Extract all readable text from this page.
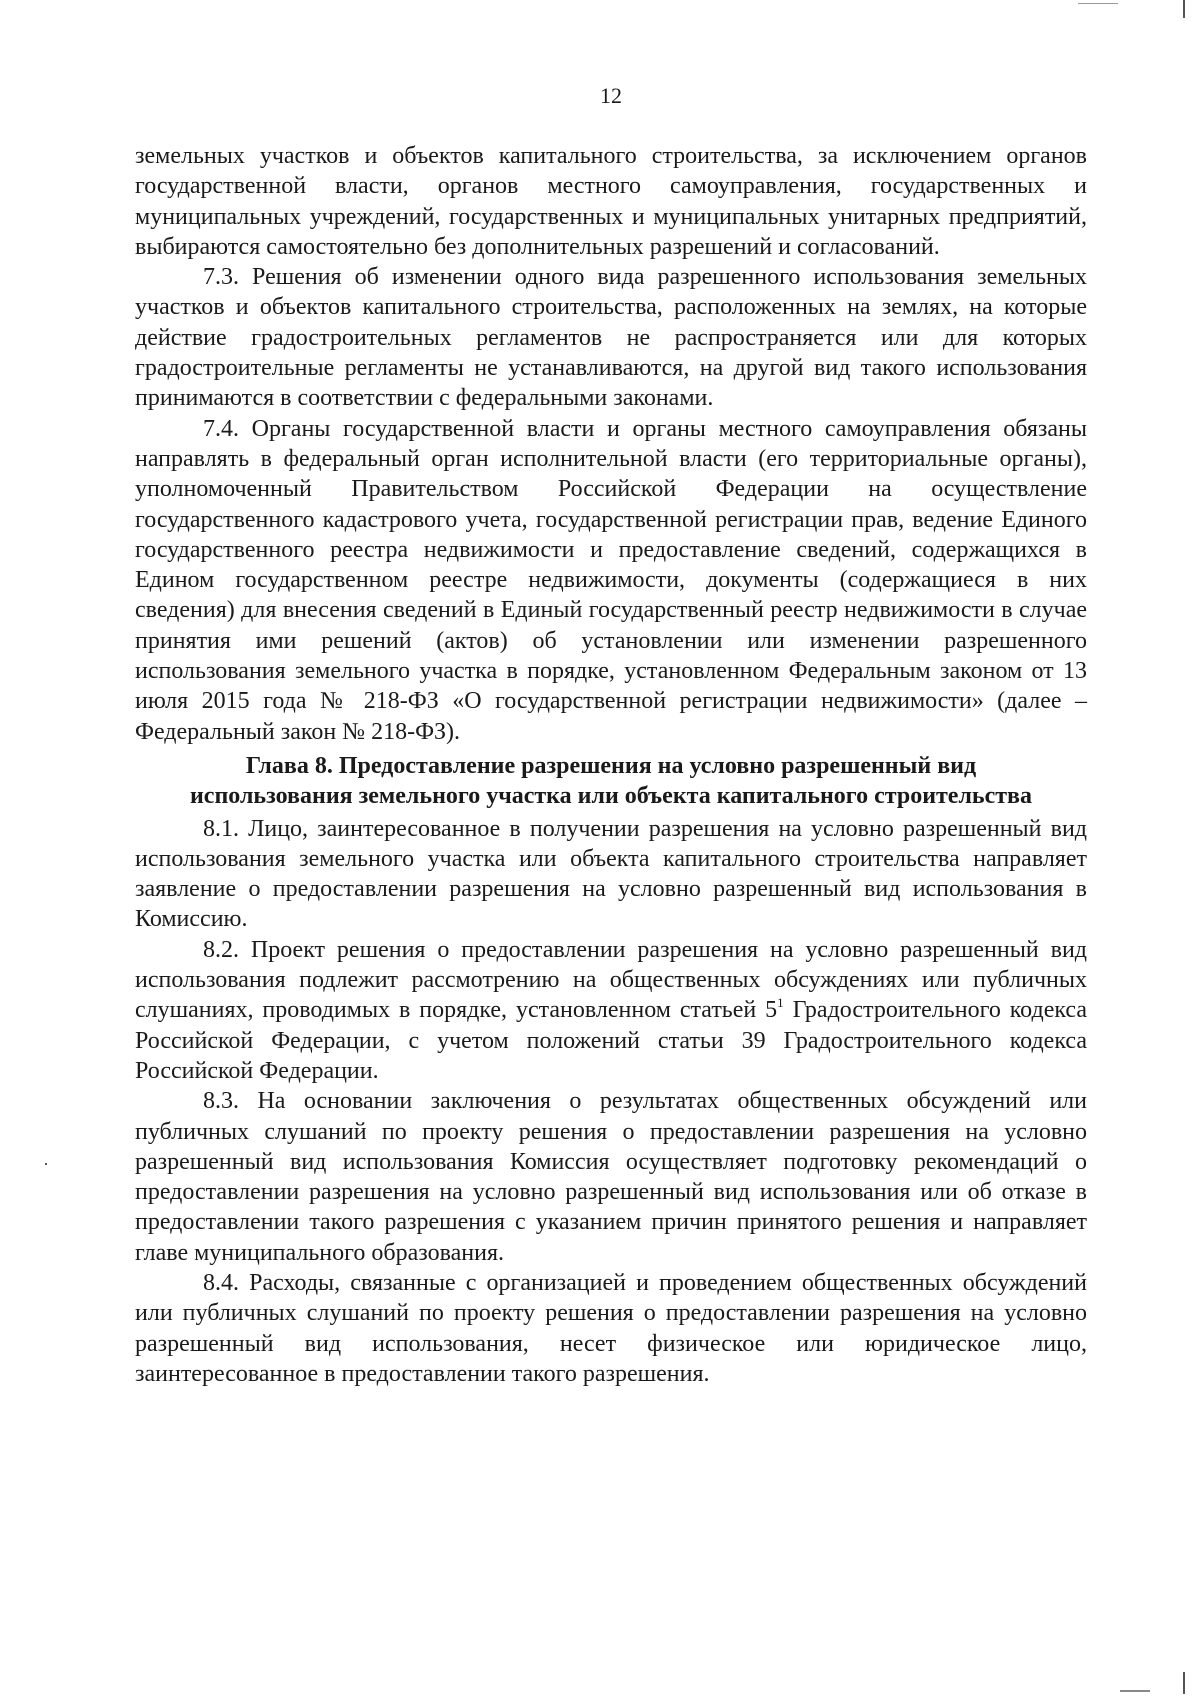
12

земельных участков и объектов капитального строительства, за исключением органов государственной власти, органов местного самоуправления, государственных и муниципальных учреждений, государственных и муниципальных унитарных предприятий, выбираются самостоятельно без дополнительных разрешений и согласований.

7.3. Решения об изменении одного вида разрешенного использования земельных участков и объектов капитального строительства, расположенных на землях, на которые действие градостроительных регламентов не распространяется или для которых градостроительные регламенты не устанавливаются, на другой вид такого использования принимаются в соответствии с федеральными законами.

7.4. Органы государственной власти и органы местного самоуправления обязаны направлять в федеральный орган исполнительной власти (его территориальные органы), уполномоченный Правительством Российской Федерации на осуществление государственного кадастрового учета, государственной регистрации прав, ведение Единого государственного реестра недвижимости и предоставление сведений, содержащихся в Едином государственном реестре недвижимости, документы (содержащиеся в них сведения) для внесения сведений в Единый государственный реестр недвижимости в случае принятия ими решений (актов) об установлении или изменении разрешенного использования земельного участка в порядке, установленном Федеральным законом от 13 июля 2015 года № 218-ФЗ «О государственной регистрации недвижимости» (далее – Федеральный закон № 218-ФЗ).

Глава 8. Предоставление разрешения на условно разрешенный вид
использования земельного участка или объекта капитального строительства

8.1. Лицо, заинтересованное в получении разрешения на условно разрешенный вид использования земельного участка или объекта капитального строительства направляет заявление о предоставлении разрешения на условно разрешенный вид использования в Комиссию.

8.2. Проект решения о предоставлении разрешения на условно разрешенный вид использования подлежит рассмотрению на общественных обсуждениях или публичных слушаниях, проводимых в порядке, установленном статьей $5^1$ Градостроительного кодекса Российской Федерации, с учетом положений статьи 39 Градостроительного кодекса Российской Федерации.

8.3. На основании заключения о результатах общественных обсуждений или публичных слушаний по проекту решения о предоставлении разрешения на условно разрешенный вид использования Комиссия осуществляет подготовку рекомендаций о предоставлении разрешения на условно разрешенный вид использования или об отказе в предоставлении такого разрешения с указанием причин принятого решения и направляет главе муниципального образования.

8.4. Расходы, связанные с организацией и проведением общественных обсуждений или публичных слушаний по проекту решения о предоставлении разрешения на условно разрешенный вид использования, несет физическое или юридическое лицо, заинтересованное в предоставлении такого разрешения.
